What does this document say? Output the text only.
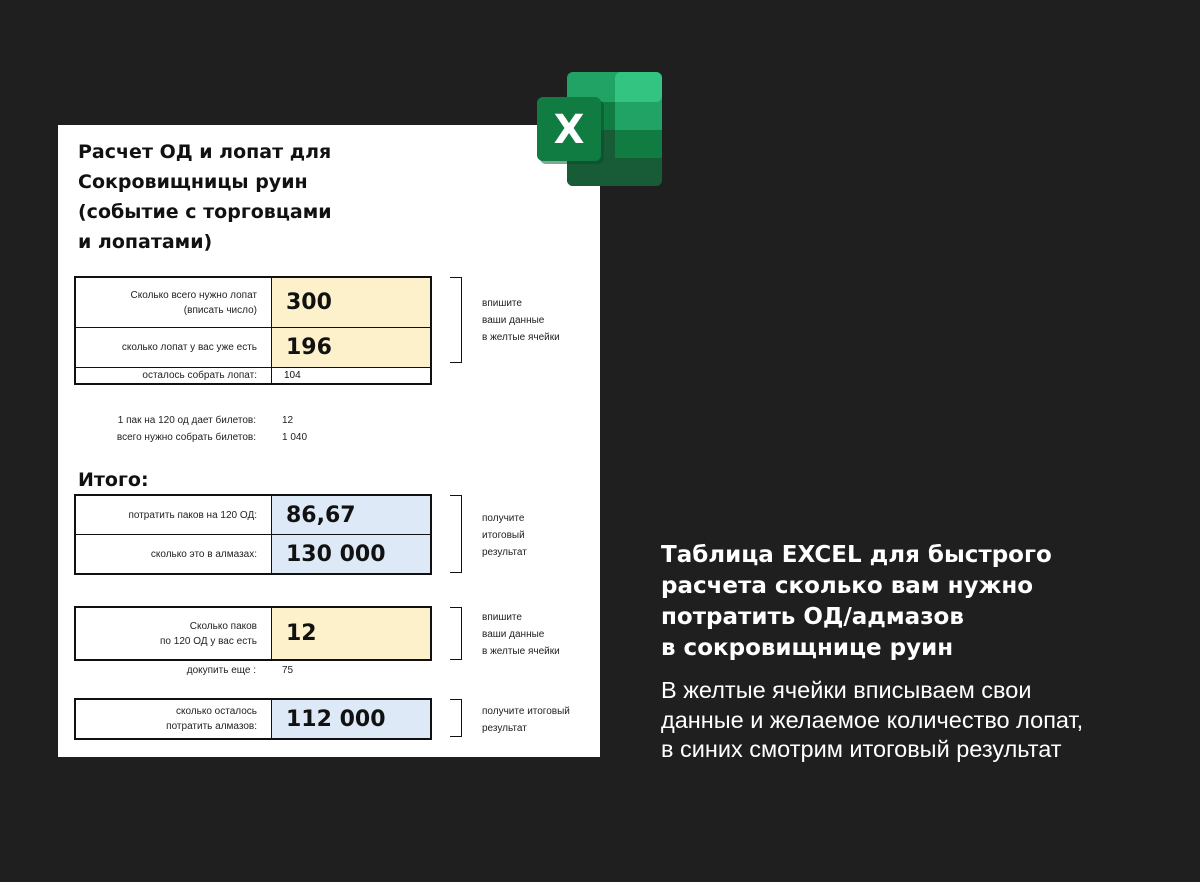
Расчет ОД и лопат для
Сокровищницы руин
(событие с торговцами
и лопатами)
Сколько всего нужно лопат
(вписать число)	300
сколько лопат у вас уже есть	196
осталось собрать лопат:	104
впишите
ваши данные
в желтые ячейки
1 пак на 120 од дает билетов:	12
всего нужно собрать билетов:	1 040
Итого:
потратить паков на 120 ОД:	86,67
сколько это в алмазах:	130 000
получите
итоговый
результат
Сколько паков
по 120 ОД у вас есть	12
впишите
ваши данные
в желтые ячейки
докупить еще :	75
сколько осталось
потратить алмазов:	112 000	получите итоговый
результат
X
Таблица EXCEL для быстрого
расчета сколько вам нужно
потратить ОД/адмазов
в сокровищнице руин
В желтые ячейки вписываем свои
данные и желаемое количество лопат,
в синих смотрим итоговый результат
